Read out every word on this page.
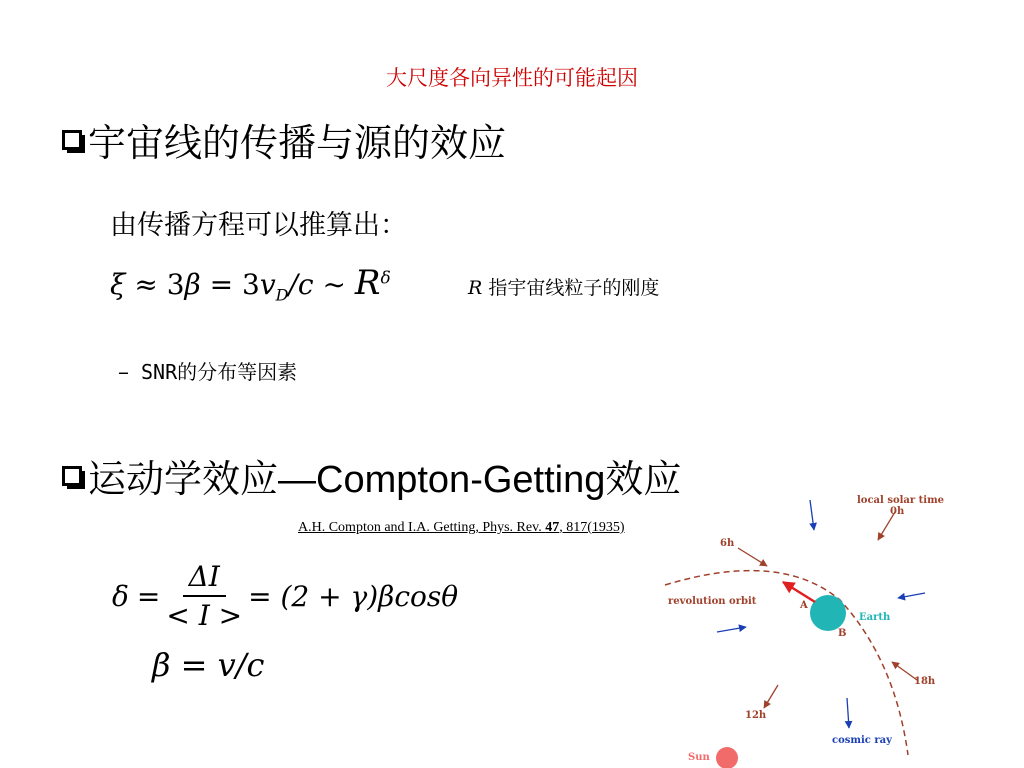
大尺度各向异性的可能起因
宇宙线的传播与源的效应
由传播方程可以推算出：
$\xi \approx 3\beta = 3v_D/c$ ∼ $R^\delta$	R 指宇宙线粒子的刚度
– SNR的分布等因素
运动学效应—Compton-Getting效应
A.H. Compton and I.A. Getting, Phys. Rev. 47, 817(1935)
$\delta = \frac{\Delta I}{< I >} = (2 + \gamma)\beta\cos\theta$
β = v/c
local solar time
0h
6h
revolution orbit	A
B
Earth
18h
12h
cosmic ray
Sun
